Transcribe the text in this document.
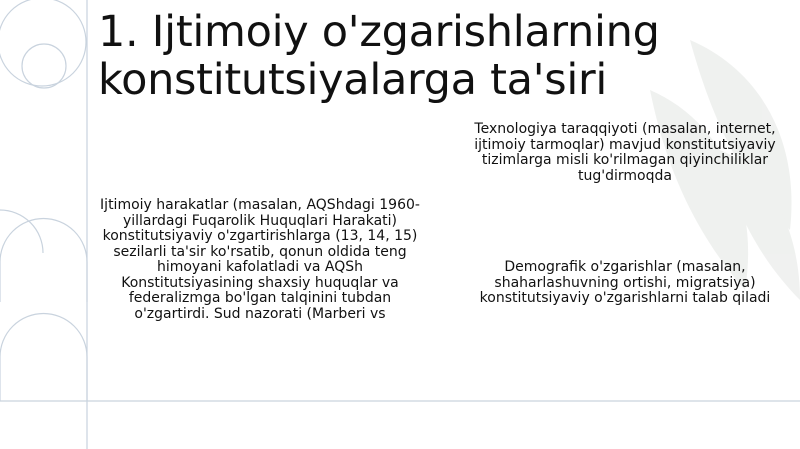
1. Ijtimoiy o'zgarishlarning
konstitutsiyalarga ta'siri
Ijtimoiy harakatlar (masalan, AQShdagi 1960-yillardagi Fuqarolik Huquqlari Harakati) konstitutsiyaviy o'zgartirishlarga (13, 14, 15) sezilarli ta'sir ko'rsatib, qonun oldida teng himoyani kafolatladi va AQSh Konstitutsiyasining shaxsiy huquqlar va federalizmga bo'lgan talqinini tubdan o'zgartirdi. Sud nazorati (Marberi vs
Texnologiya taraqqiyoti (masalan, internet, ijtimoiy tarmoqlar) mavjud konstitutsiyaviy tizimlarga misli ko'rilmagan qiyinchiliklar tug'dirmoqda
Demografik o'zgarishlar (masalan, shaharlashuvning ortishi, migratsiya) konstitutsiyaviy o'zgarishlarni talab qiladi
